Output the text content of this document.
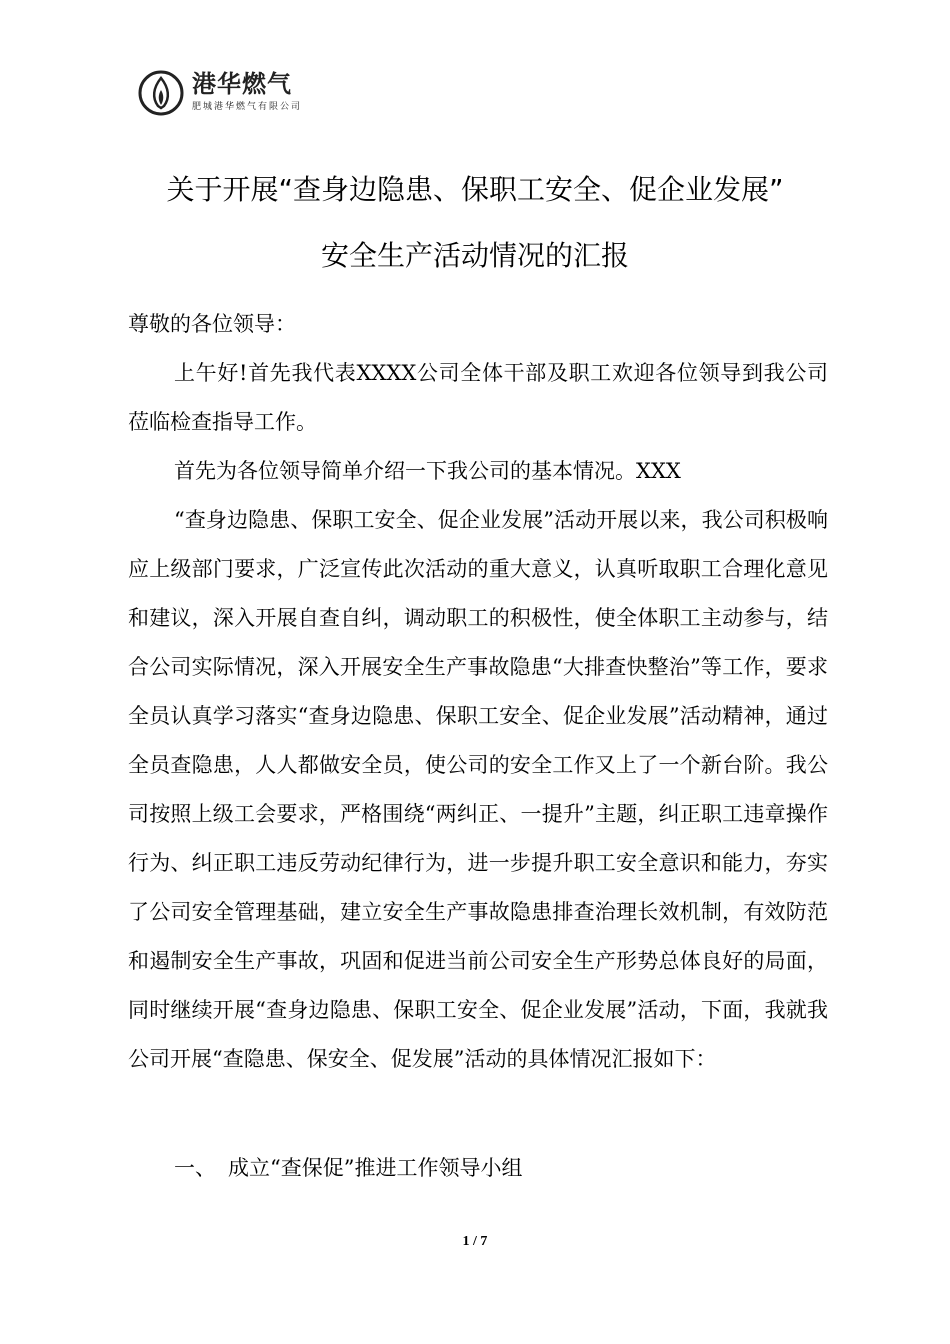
港华燃气
肥城港华燃气有限公司
关于开展“查身边隐患、保职工安全、促企业发展”
安全生产活动情况的汇报
尊敬的各位领导：
上午好!首先我代表XXXX公司全体干部及职工欢迎各位领导到我公司莅临检查指导工作。
首先为各位领导简单介绍一下我公司的基本情况。XXX
“查身边隐患、保职工安全、促企业发展”活动开展以来，我公司积极响应上级部门要求，广泛宣传此次活动的重大意义，认真听取职工合理化意见和建议，深入开展自查自纠，调动职工的积极性，使全体职工主动参与，结合公司实际情况，深入开展安全生产事故隐患“大排查快整治”等工作，要求全员认真学习落实“查身边隐患、保职工安全、促企业发展”活动精神，通过全员查隐患，人人都做安全员，使公司的安全工作又上了一个新台阶。我公司按照上级工会要求，严格围绕“两纠正、一提升”主题，纠正职工违章操作行为、纠正职工违反劳动纪律行为，进一步提升职工安全意识和能力，夯实了公司安全管理基础，建立安全生产事故隐患排查治理长效机制，有效防范和遏制安全生产事故，巩固和促进当前公司安全生产形势总体良好的局面，同时继续开展“查身边隐患、保职工安全、促企业发展”活动，下面，我就我公司开展“查隐患、保安全、促发展”活动的具体情况汇报如下：
一、 成立“查保促”推进工作领导小组
1 / 7
